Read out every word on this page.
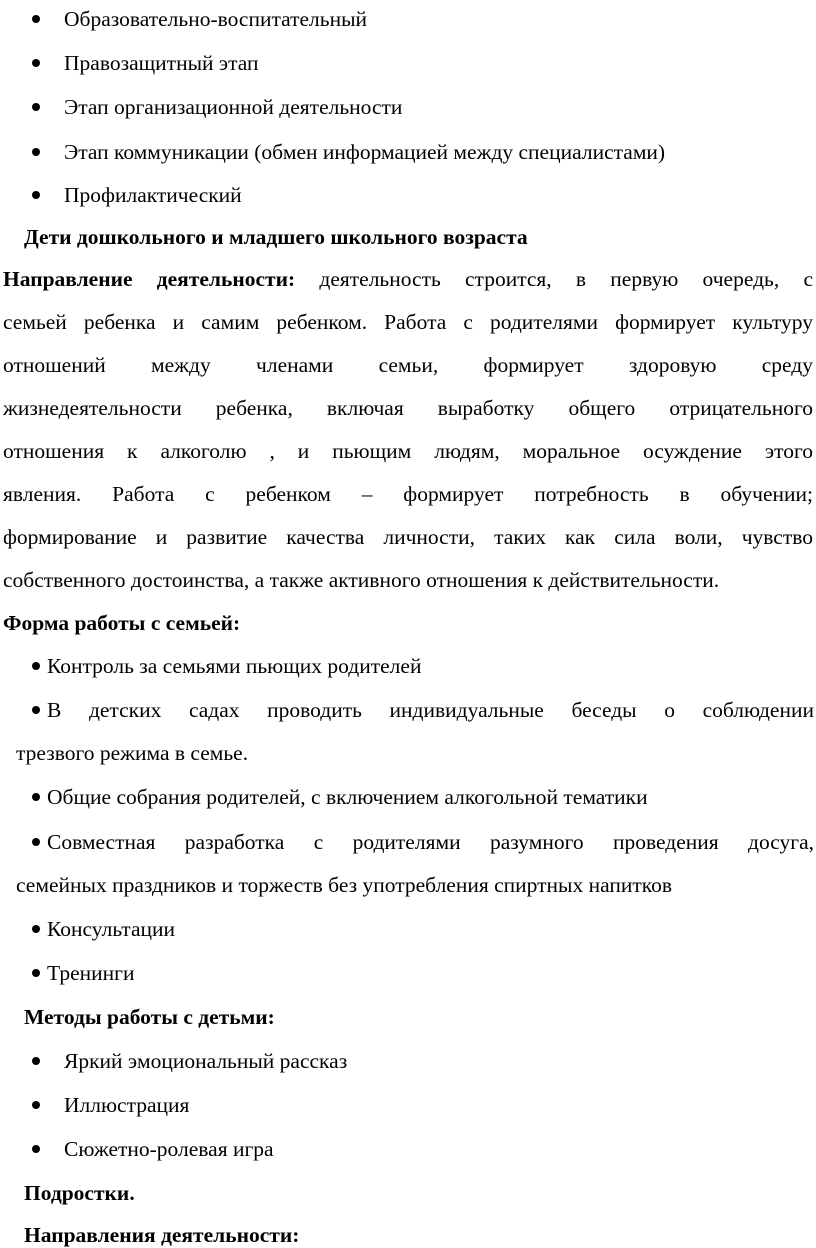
Образовательно-воспитательный
Правозащитный этап
Этап организационной деятельности
Этап коммуникации (обмен информацией между специалистами)
Профилактический
Дети дошкольного и младшего школьного возраста
Направление деятельности: деятельность строится, в первую очередь, с
семьей ребенка и самим ребенком. Работа с родителями формирует культуру
отношений между членами семьи, формирует здоровую среду
жизнедеятельности ребенка, включая выработку общего отрицательного
отношения к алкоголю , и пьющим людям, моральное осуждение этого
явления. Работа с ребенком – формирует потребность в обучении;
формирование и развитие качества личности, таких как сила воли, чувство
собственного достоинства, а также активного отношения к действительности.
Форма работы с семьей:
Контроль за семьями пьющих родителей
В детских садах проводить индивидуальные беседы о соблюдении
трезвого режима в семье.
Общие собрания родителей, с включением алкогольной тематики
Совместная разработка с родителями разумного проведения досуга,
семейных праздников и торжеств без употребления спиртных напитков
Консультации
Тренинги
Методы работы с детьми:
Яркий эмоциональный рассказ
Иллюстрация
Сюжетно-ролевая игра
Подростки.
Направления деятельности:
